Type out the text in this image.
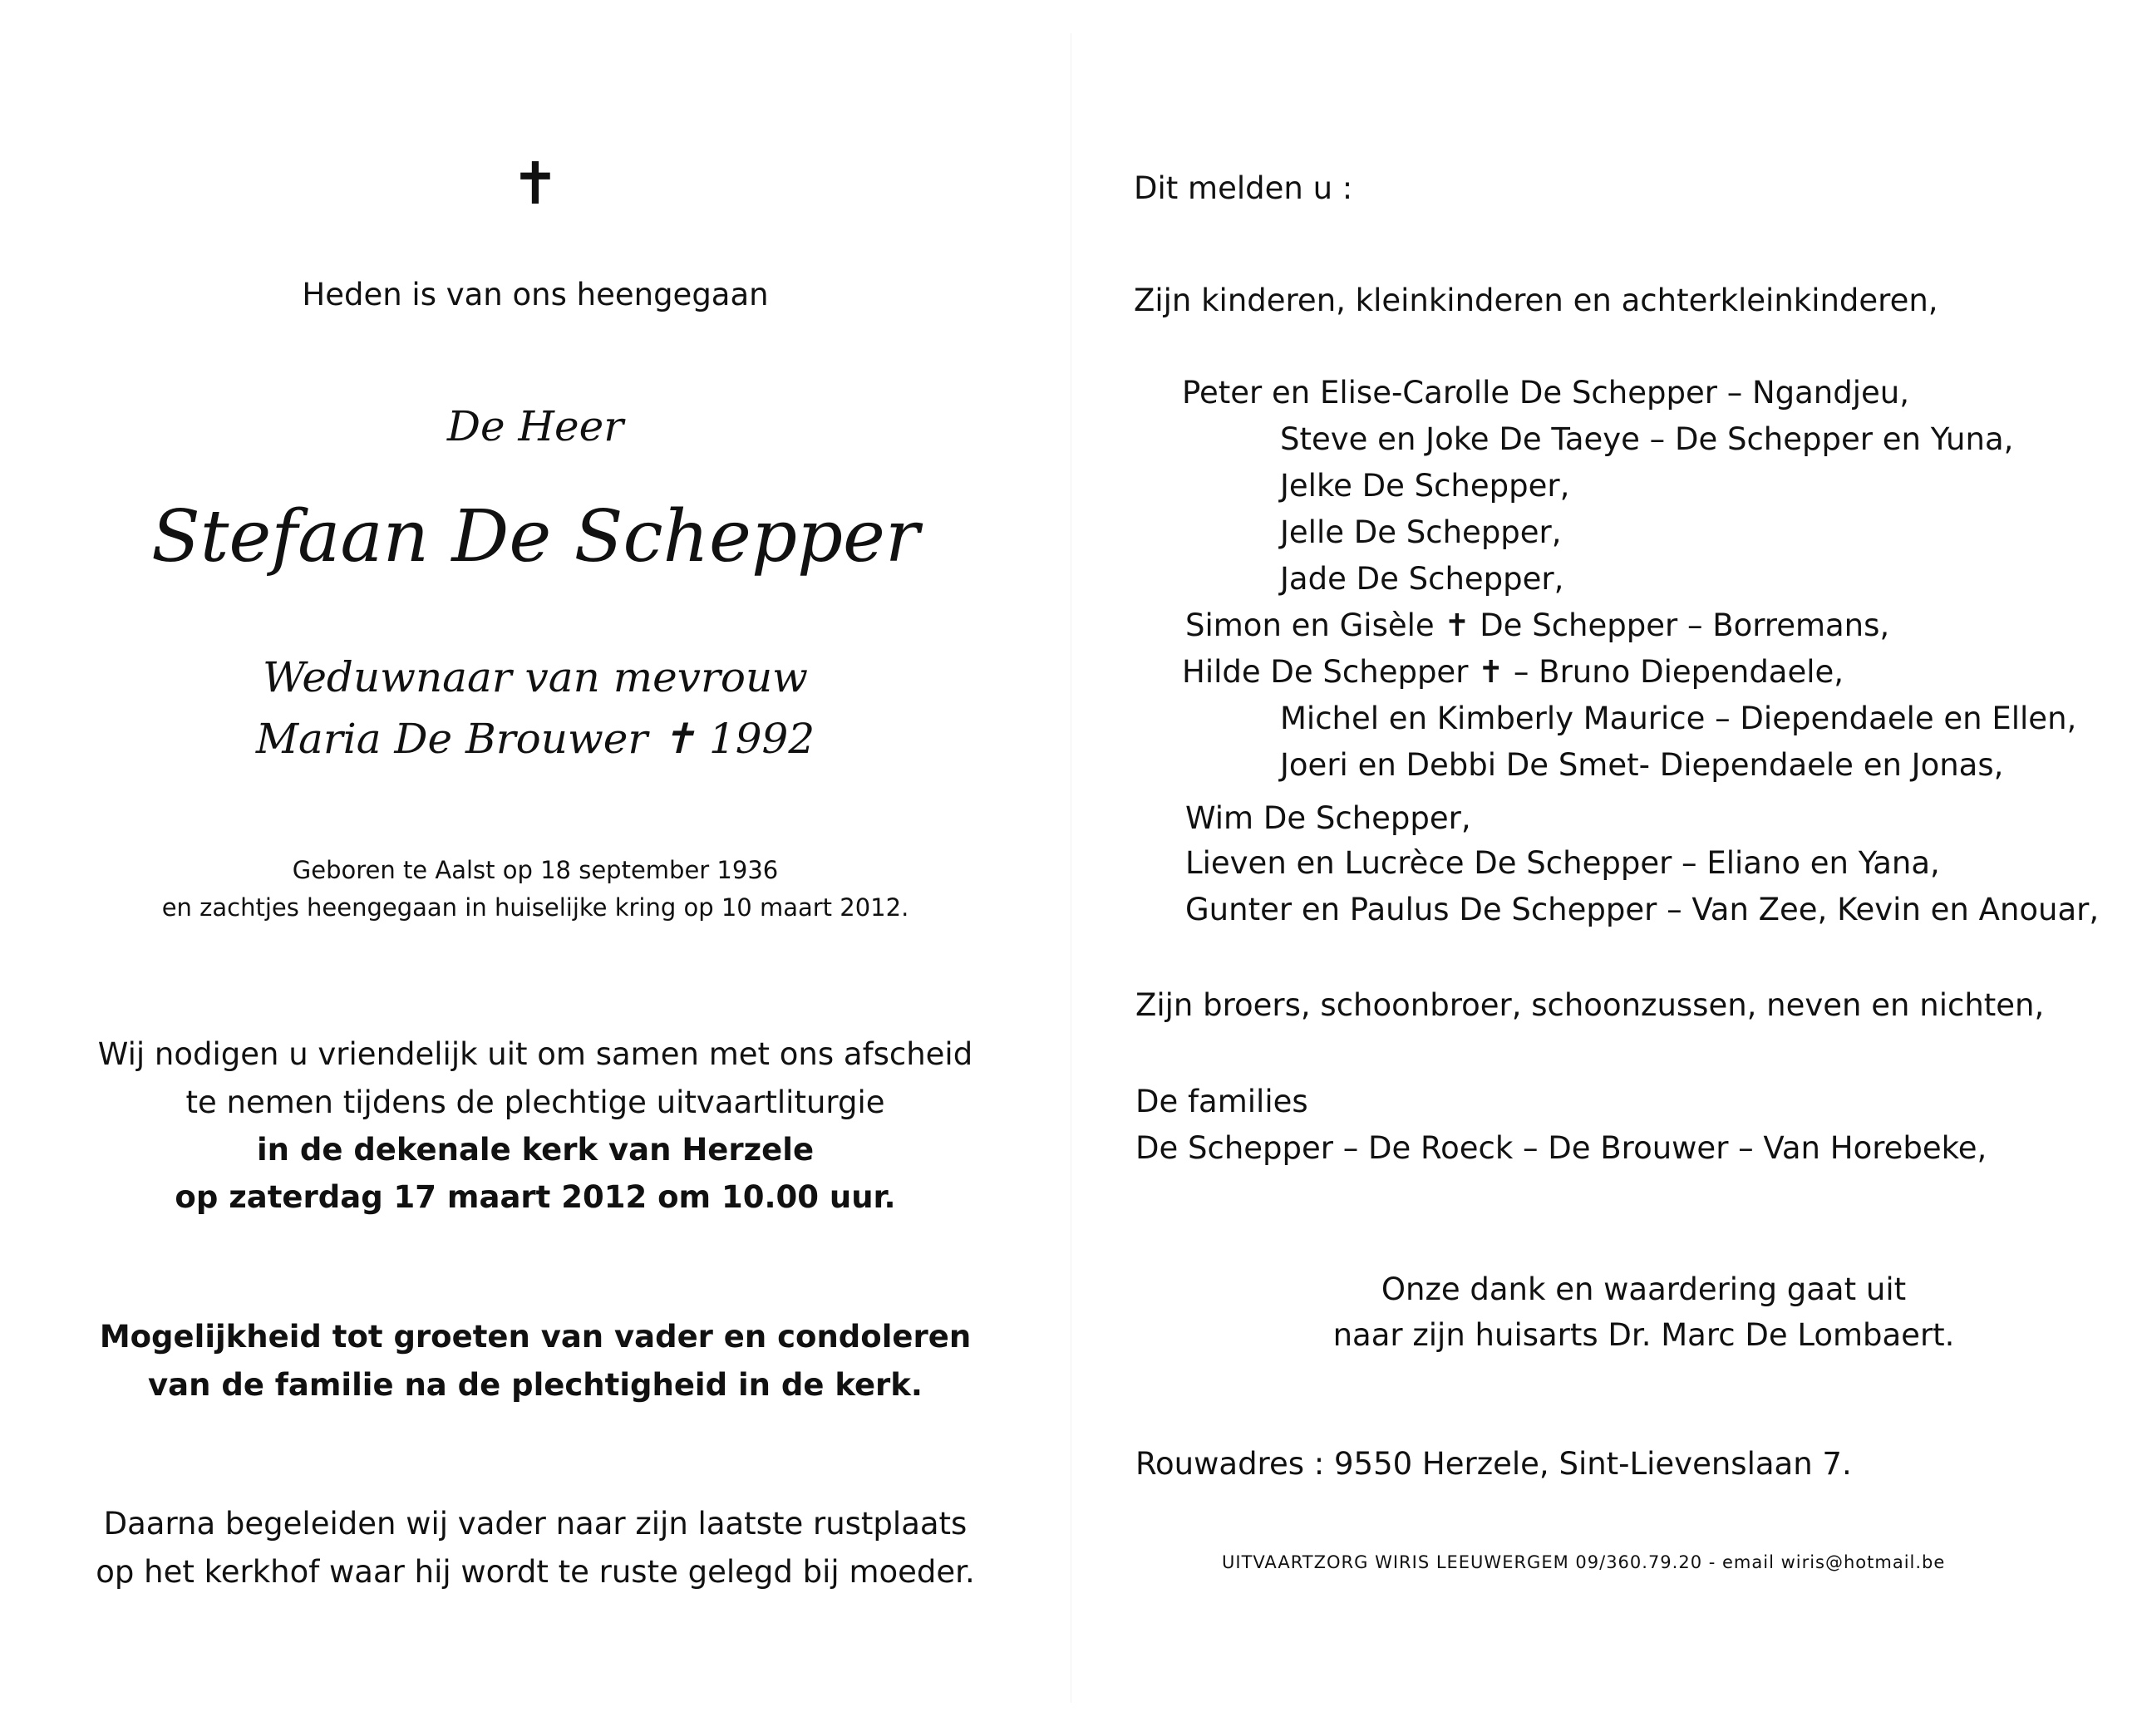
✝
Heden is van ons heengegaan
De Heer
Stefaan De Schepper
Weduwnaar van mevrouw
Maria De Brouwer ✝ 1992
Geboren te Aalst op 18 september 1936
en zachtjes heengegaan in huiselijke kring op 10 maart 2012.
Wij nodigen u vriendelijk uit om samen met ons afscheid
te nemen tijdens de plechtige uitvaartliturgie
in de dekenale kerk van Herzele
op zaterdag 17 maart 2012 om 10.00 uur.
Mogelijkheid tot groeten van vader en condoleren
van de familie na de plechtigheid in de kerk.
Daarna begeleiden wij vader naar zijn laatste rustplaats
op het kerkhof waar hij wordt te ruste gelegd bij moeder.
Dit melden u :
Zijn kinderen, kleinkinderen en achterkleinkinderen,
Peter en Elise-Carolle De Schepper – Ngandjeu,
Steve en Joke De Taeye – De Schepper en Yuna,
Jelke De Schepper,
Jelle De Schepper,
Jade De Schepper,
Simon en Gisèle ✝ De Schepper – Borremans,
Hilde De Schepper ✝ – Bruno Diependaele,
Michel en Kimberly Maurice – Diependaele en Ellen,
Joeri en Debbi De Smet- Diependaele en Jonas,
Wim De Schepper,
Lieven en Lucrèce De Schepper – Eliano en Yana,
Gunter en Paulus De Schepper – Van Zee, Kevin en Anouar,
Zijn broers, schoonbroer, schoonzussen, neven en nichten,
De families
De Schepper – De Roeck – De Brouwer – Van Horebeke,
Onze dank en waardering gaat uit
naar zijn huisarts Dr. Marc De Lombaert.
Rouwadres : 9550 Herzele, Sint-Lievenslaan 7.
UITVAARTZORG WIRIS LEEUWERGEM 09/360.79.20 - email wiris@hotmail.be
